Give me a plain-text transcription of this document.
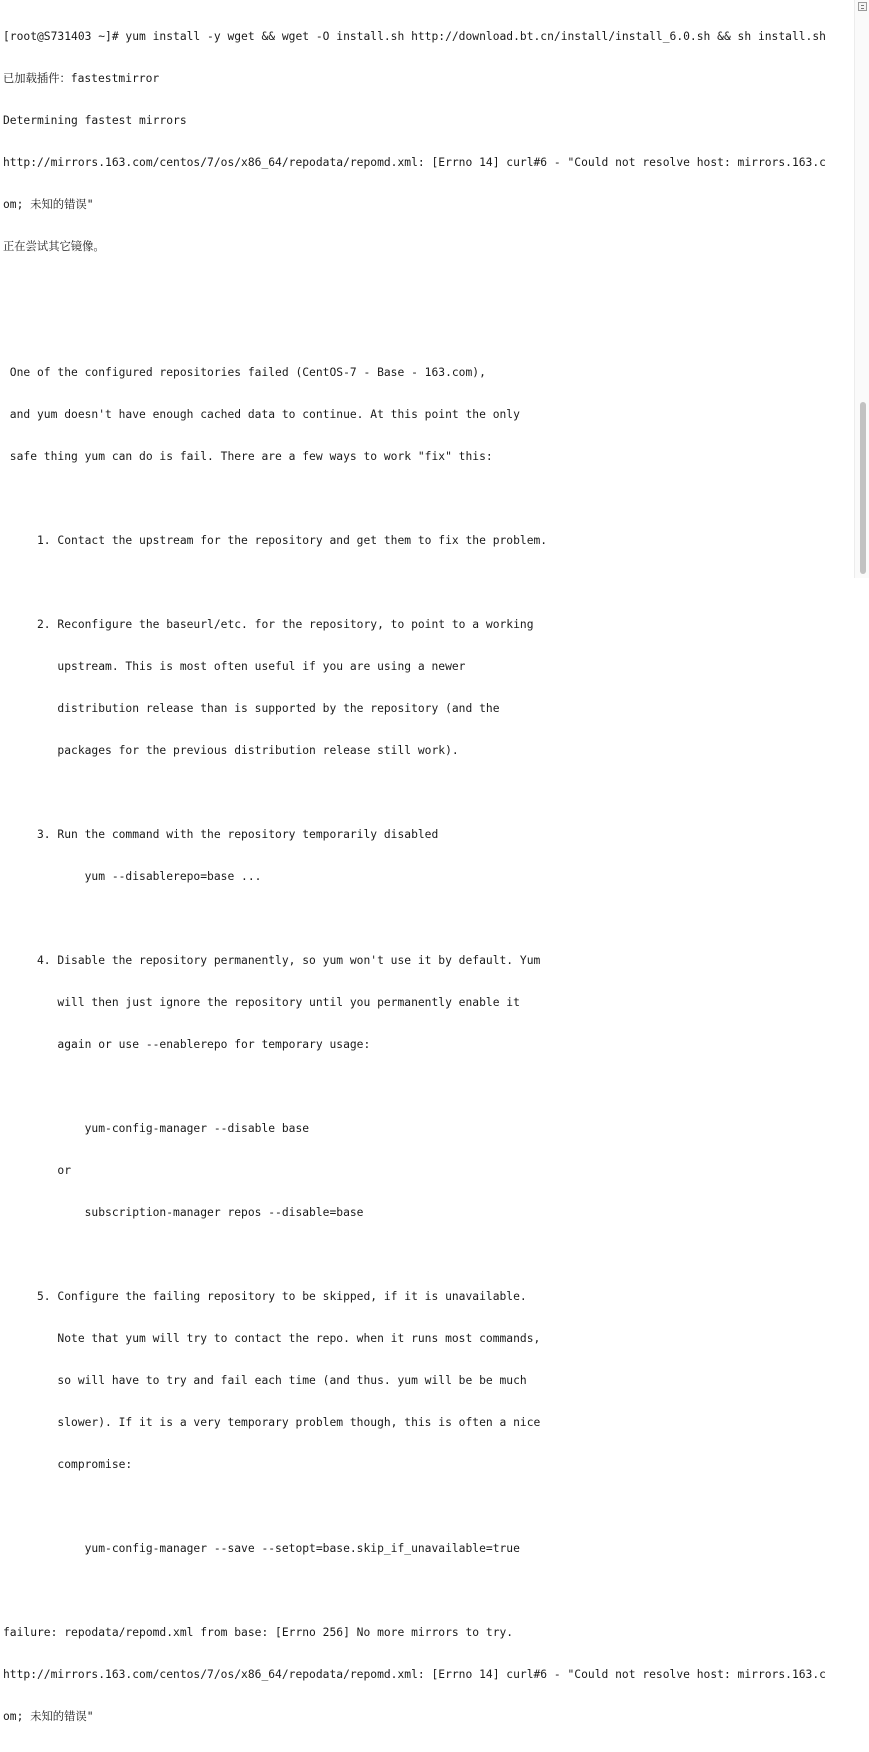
[root@S731403 ~]# yum install -y wget && wget -O install.sh http://download.bt.cn/install/install_6.0.sh && sh install.sh

已加载插件：fastestmirror

Determining fastest mirrors

http://mirrors.163.com/centos/7/os/x86_64/repodata/repomd.xml: [Errno 14] curl#6 - "Could not resolve host: mirrors.163.c

om; 未知的错误"

正在尝试其它镜像。

One of the configured repositories failed (CentOS-7 - Base - 163.com),

and yum doesn't have enough cached data to continue. At this point the only

safe thing yum can do is fail. There are a few ways to work "fix" this:

1. Contact the upstream for the repository and get them to fix the problem.

2. Reconfigure the baseurl/etc. for the repository, to point to a working

upstream. This is most often useful if you are using a newer

distribution release than is supported by the repository (and the

packages for the previous distribution release still work).

3. Run the command with the repository temporarily disabled

yum --disablerepo=base ...

4. Disable the repository permanently, so yum won't use it by default. Yum

will then just ignore the repository until you permanently enable it

again or use --enablerepo for temporary usage:

yum-config-manager --disable base

or

subscription-manager repos --disable=base

5. Configure the failing repository to be skipped, if it is unavailable.

Note that yum will try to contact the repo. when it runs most commands,

so will have to try and fail each time (and thus. yum will be be much

slower). If it is a very temporary problem though, this is often a nice

compromise:

yum-config-manager --save --setopt=base.skip_if_unavailable=true

failure: repodata/repomd.xml from base: [Errno 256] No more mirrors to try.

http://mirrors.163.com/centos/7/os/x86_64/repodata/repomd.xml: [Errno 14] curl#6 - "Could not resolve host: mirrors.163.c

om; 未知的错误"
